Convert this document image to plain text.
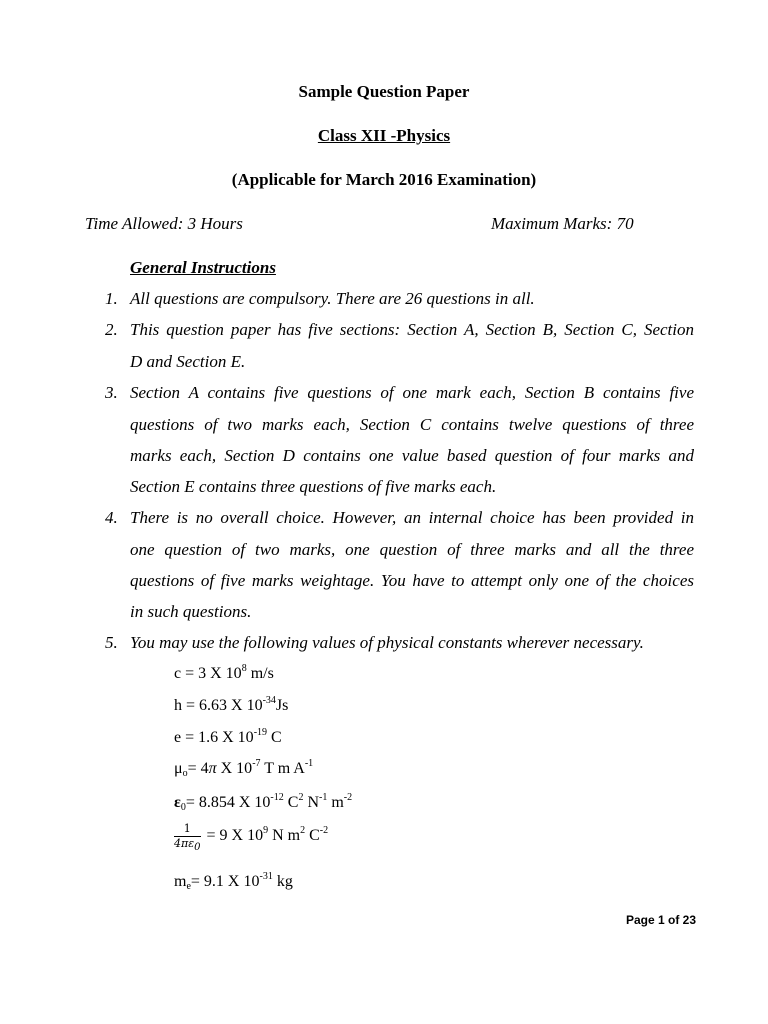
Sample Question Paper
Class XII -Physics
(Applicable for March 2016 Examination)
Time Allowed: 3 Hours	Maximum Marks: 70
General Instructions
1. All questions are compulsory. There are 26 questions in all.
2. This question paper has five sections: Section A, Section B, Section C, Section
D and Section E.
3. Section A contains five questions of one mark each, Section B contains five
questions of two marks each, Section C contains twelve questions of three
marks each, Section D contains one value based question of four marks and
Section E contains three questions of five marks each.
4. There is no overall choice. However, an internal choice has been provided in
one question of two marks, one question of three marks and all the three
questions of five marks weightage. You have to attempt only one of the choices
in such questions.
5. You may use the following values of physical constants wherever necessary.
c = 3 X $10^8$ m/s
h = 6.63 X $10^{-34}Js$
e = 1.6 X $10^{-19}$ C
$\mu_o= 4\pi$ X $10^{-7}$ T m $A^{-1}$
$\varepsilon_0= 8.854$ X $10^{-12}$ $C^2$ $N^{-1}$ $m^{-2}$
$\frac{1}{4\pi\varepsilon_0} = 9$ X $10^9$ N $m^2$ $C^{-2}$
$m_e= 9.1$ X $10^{-31}$ kg
Page 1 of 23
